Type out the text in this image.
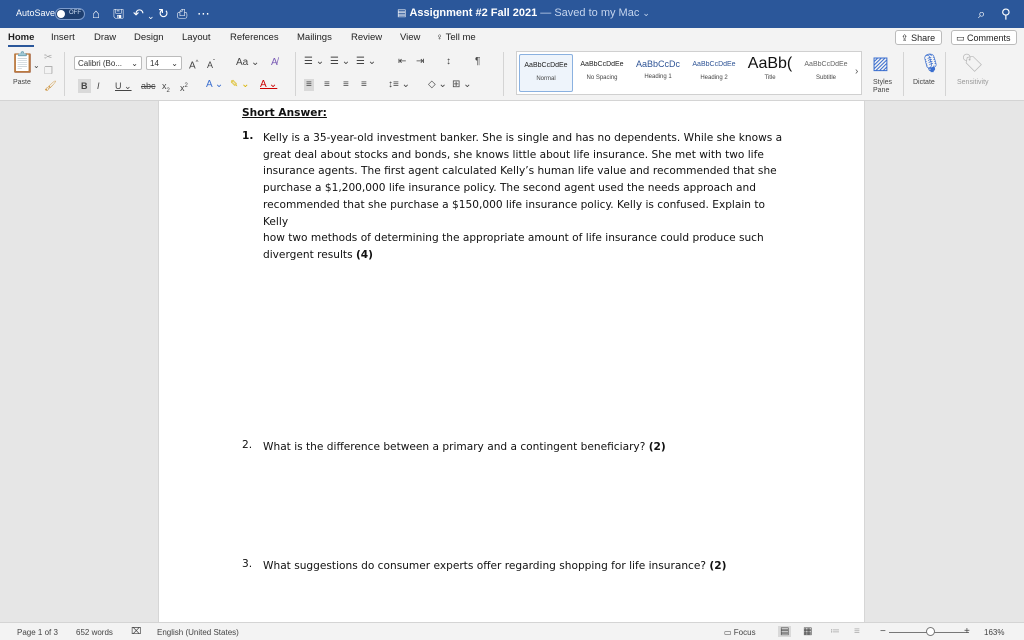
AutoSave OFF ⌂ 🖫 ↶ ⌄ ↻ ⎙ ⋯	▤ Assignment #2 Fall 2021 — Saved to my Mac ⌄	⌕ ⚲
Home Insert Draw Design Layout References Mailings Review View ♀ Tell me	⇪ Share	▭ Comments
📋
⌄
Paste
✂
❐
🖌
Calibri (Bo... ⌄	14 ⌄ A^ $A^ˇ$ Aa ⌄ A̸
B	I U ⌄ abc $x_2$ $x^2$ A ⌄ ✎ ⌄ A ⌄
☰ ⌄ ☰ ⌄ ☰ ⌄ ⇤ ⇥ ↕ ¶
≡ ≡ ≡ ≡ ↕≡ ⌄ ◇ ⌄ ⊞ ⌄
AaBbCcDdEe
Normal
AaBbCcDdEe
No Spacing
AaBbCcDc
Heading 1
AaBbCcDdEe
Heading 2
AaBb(
Title
AaBbCcDdEe
Subtitle
› ▨
Styles Pane
🎙
Dictate
🏷
Sensitivity
Short Answer:
1. Kelly is a 35-year-old investment banker. She is single and has no dependents. While she knows a
great deal about stocks and bonds, she knows little about life insurance. She met with two life
insurance agents. The first agent calculated Kelly’s human life value and recommended that she
purchase a $1,200,000 life insurance policy. The second agent used the needs approach and
recommended that she purchase a $150,000 life insurance policy. Kelly is confused. Explain to Kelly
how two methods of determining the appropriate amount of life insurance could produce such
divergent results (4)
2. What is the difference between a primary and a contingent beneficiary? (2)
3. What suggestions do consumer experts offer regarding shopping for life insurance? (2)
Page 1 of 3 652 words ⌧ English (United States)	▭ Focus ▤ ▦ ≔ ≡ −	+ 163%
